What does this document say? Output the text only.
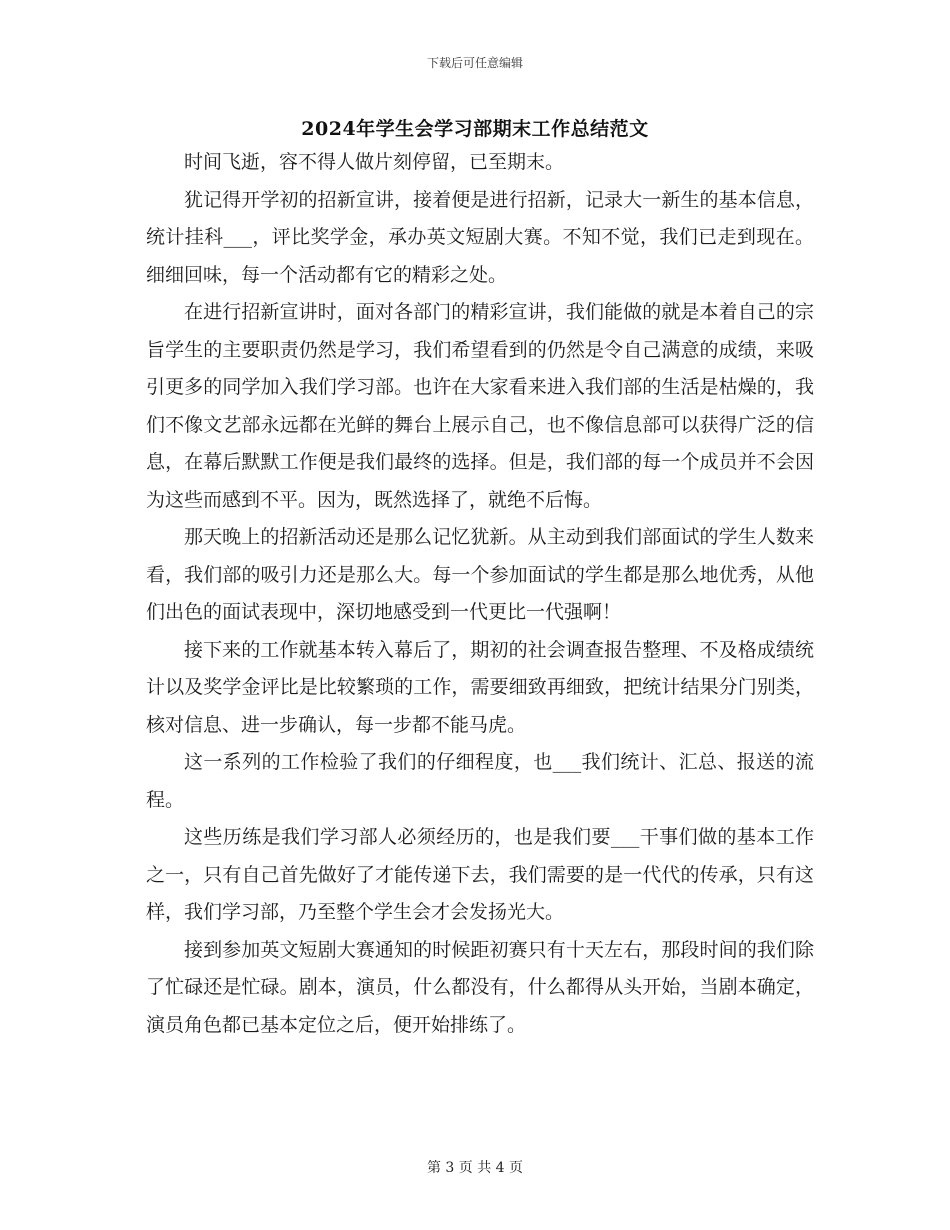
下载后可任意编辑
2024年学生会学习部期末工作总结范文

时间飞逝，容不得人做片刻停留，已至期末。

犹记得开学初的招新宣讲，接着便是进行招新，记录大一新生的基本信息，统计挂科___，评比奖学金，承办英文短剧大赛。不知不觉，我们已走到现在。细细回味，每一个活动都有它的精彩之处。

在进行招新宣讲时，面对各部门的精彩宣讲，我们能做的就是本着自己的宗旨学生的主要职责仍然是学习，我们希望看到的仍然是令自己满意的成绩，来吸引更多的同学加入我们学习部。也许在大家看来进入我们部的生活是枯燥的，我们不像文艺部永远都在光鲜的舞台上展示自己，也不像信息部可以获得广泛的信息，在幕后默默工作便是我们最终的选择。但是，我们部的每一个成员并不会因为这些而感到不平。因为，既然选择了，就绝不后悔。

那天晚上的招新活动还是那么记忆犹新。从主动到我们部面试的学生人数来看，我们部的吸引力还是那么大。每一个参加面试的学生都是那么地优秀，从他们出色的面试表现中，深切地感受到一代更比一代强啊！

接下来的工作就基本转入幕后了，期初的社会调查报告整理、不及格成绩统计以及奖学金评比是比较繁琐的工作，需要细致再细致，把统计结果分门别类，核对信息、进一步确认，每一步都不能马虎。

这一系列的工作检验了我们的仔细程度，也___我们统计、汇总、报送的流程。

这些历练是我们学习部人必须经历的，也是我们要___干事们做的基本工作之一，只有自己首先做好了才能传递下去，我们需要的是一代代的传承，只有这样，我们学习部，乃至整个学生会才会发扬光大。

接到参加英文短剧大赛通知的时候距初赛只有十天左右，那段时间的我们除了忙碌还是忙碌。剧本，演员，什么都没有，什么都得从头开始，当剧本确定，演员角色都已基本定位之后，便开始排练了。

第 3 页 共 4 页
